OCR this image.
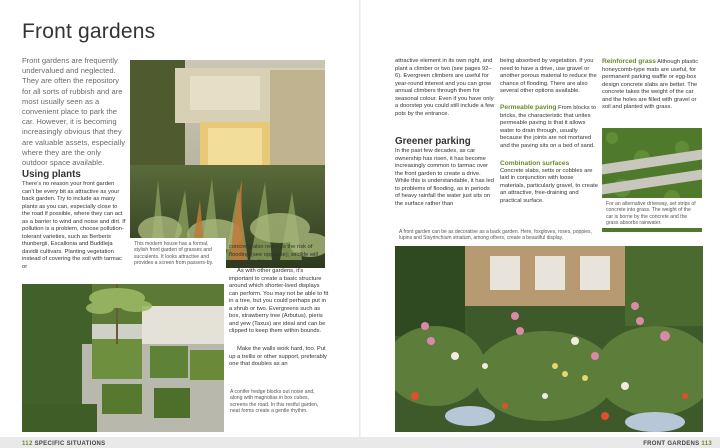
Front gardens

Front gardens are frequently undervalued and neglected. They are often the repository for all sorts of rubbish and are most usually seen as a convenient place to park the car. However, it is becoming increasingly obvious that they are valuable assets, especially where they are the only outdoor space available.

Using plants

There’s no reason your front garden can’t be every bit as attractive as your back garden. Try to include as many plants as you can, especially close to the road if possible, where they can act as a barrier to wind and noise and dirt. If pollution is a problem, choose pollution-tolerant varieties, such as Berberis thunbergii, Escallonia and Buddleja davidii cultivars. Planting vegetation instead of covering the soil with tarmac or

This modern house has a formal, stylish front garden of grasses and succulents. It looks attractive and provides a screen from passers-by.

concrete also reduces the risk of flooding (see opposite); wildlife will appreciate it too.

As with other gardens, it’s important to create a basic structure around which shorter-lived displays can perform. You may not be able to fit in a tree, but you could perhaps put in a shrub or two. Evergreens such as box, strawberry tree (Arbutus), pieris and yew (Taxus) are ideal and can be clipped to keep them within bounds.

Make the walls work hard, too. Put up a trellis or other support, preferably one that doubles as an

A conifer hedge blocks out noise and, along with magnolias in box cubes, screens the road. In this restful garden, neat forms create a gentle rhythm.

112 SPECIFIC SITUATIONS

attractive element in its own right, and plant a climber or two (see pages 92–6). Evergreen climbers are useful for year-round interest and you can grow annual climbers through them for seasonal colour. Even if you have only a doorstep you could still include a few pots by the entrance.

Greener parking

In the past few decades, as car ownership has risen, it has become increasingly common to tarmac over the front garden to create a drive. While this is understandable, it has led to problems of flooding, as in periods of heavy rainfall the water just sits on the surface rather than

being absorbed by vegetation. If you need to have a drive, use gravel or another porous material to reduce the chance of flooding. There are also several other options available.

Permeable paving From blocks to bricks, the characteristic that unites permeable paving is that it allows water to drain through, usually because the joints are not mortared and the paving sits on a bed of sand.

Combination surfaces
Concrete slabs, setts or cobbles are laid in conjunction with loose materials, particularly gravel, to create an attractive, free-draining and practical surface.

Reinforced grass Although plastic honeycomb-type mats are useful, for permanent parking waffle or egg-box design concrete slabs are better. The concrete takes the weight of the car and the holes are filled with gravel or soil and planted with grass.

For an alternative driveway, set strips of concrete into grass. The weight of the car is borne by the concrete and the grass absorbs rainwater.

A front garden can be as decorative as a back garden. Here, foxgloves, roses, poppies, lupins and Sisyrinchium striatum, among others, create a beautiful display.

FRONT GARDENS 113
